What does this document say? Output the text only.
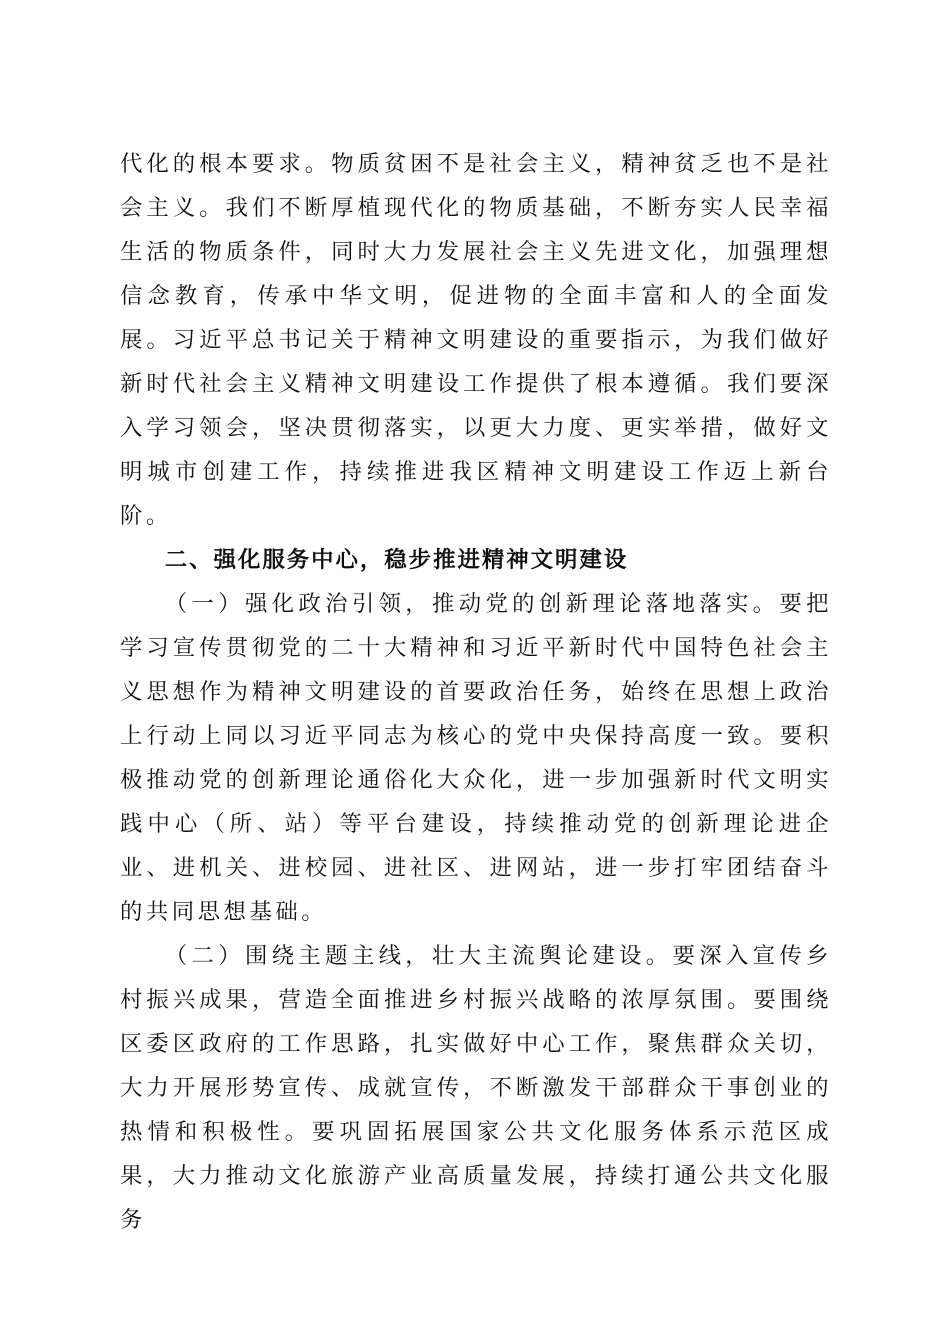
代化的根本要求。物质贫困不是社会主义，精神贫乏也不是社会主义。我们不断厚植现代化的物质基础，不断夯实人民幸福生活的物质条件，同时大力发展社会主义先进文化，加强理想信念教育，传承中华文明，促进物的全面丰富和人的全面发展。习近平总书记关于精神文明建设的重要指示，为我们做好新时代社会主义精神文明建设工作提供了根本遵循。我们要深入学习领会，坚决贯彻落实，以更大力度、更实举措，做好文明城市创建工作，持续推进我区精神文明建设工作迈上新台阶。

二、强化服务中心，稳步推进精神文明建设

（一）强化政治引领，推动党的创新理论落地落实。要把学习宣传贯彻党的二十大精神和习近平新时代中国特色社会主义思想作为精神文明建设的首要政治任务，始终在思想上政治上行动上同以习近平同志为核心的党中央保持高度一致。要积极推动党的创新理论通俗化大众化，进一步加强新时代文明实践中心（所、站）等平台建设，持续推动党的创新理论进企业、进机关、进校园、进社区、进网站，进一步打牢团结奋斗的共同思想基础。

（二）围绕主题主线，壮大主流舆论建设。要深入宣传乡村振兴成果，营造全面推进乡村振兴战略的浓厚氛围。要围绕区委区政府的工作思路，扎实做好中心工作，聚焦群众关切，大力开展形势宣传、成就宣传，不断激发干部群众干事创业的热情和积极性。要巩固拓展国家公共文化服务体系示范区成果，大力推动文化旅游产业高质量发展，持续打通公共文化服务
